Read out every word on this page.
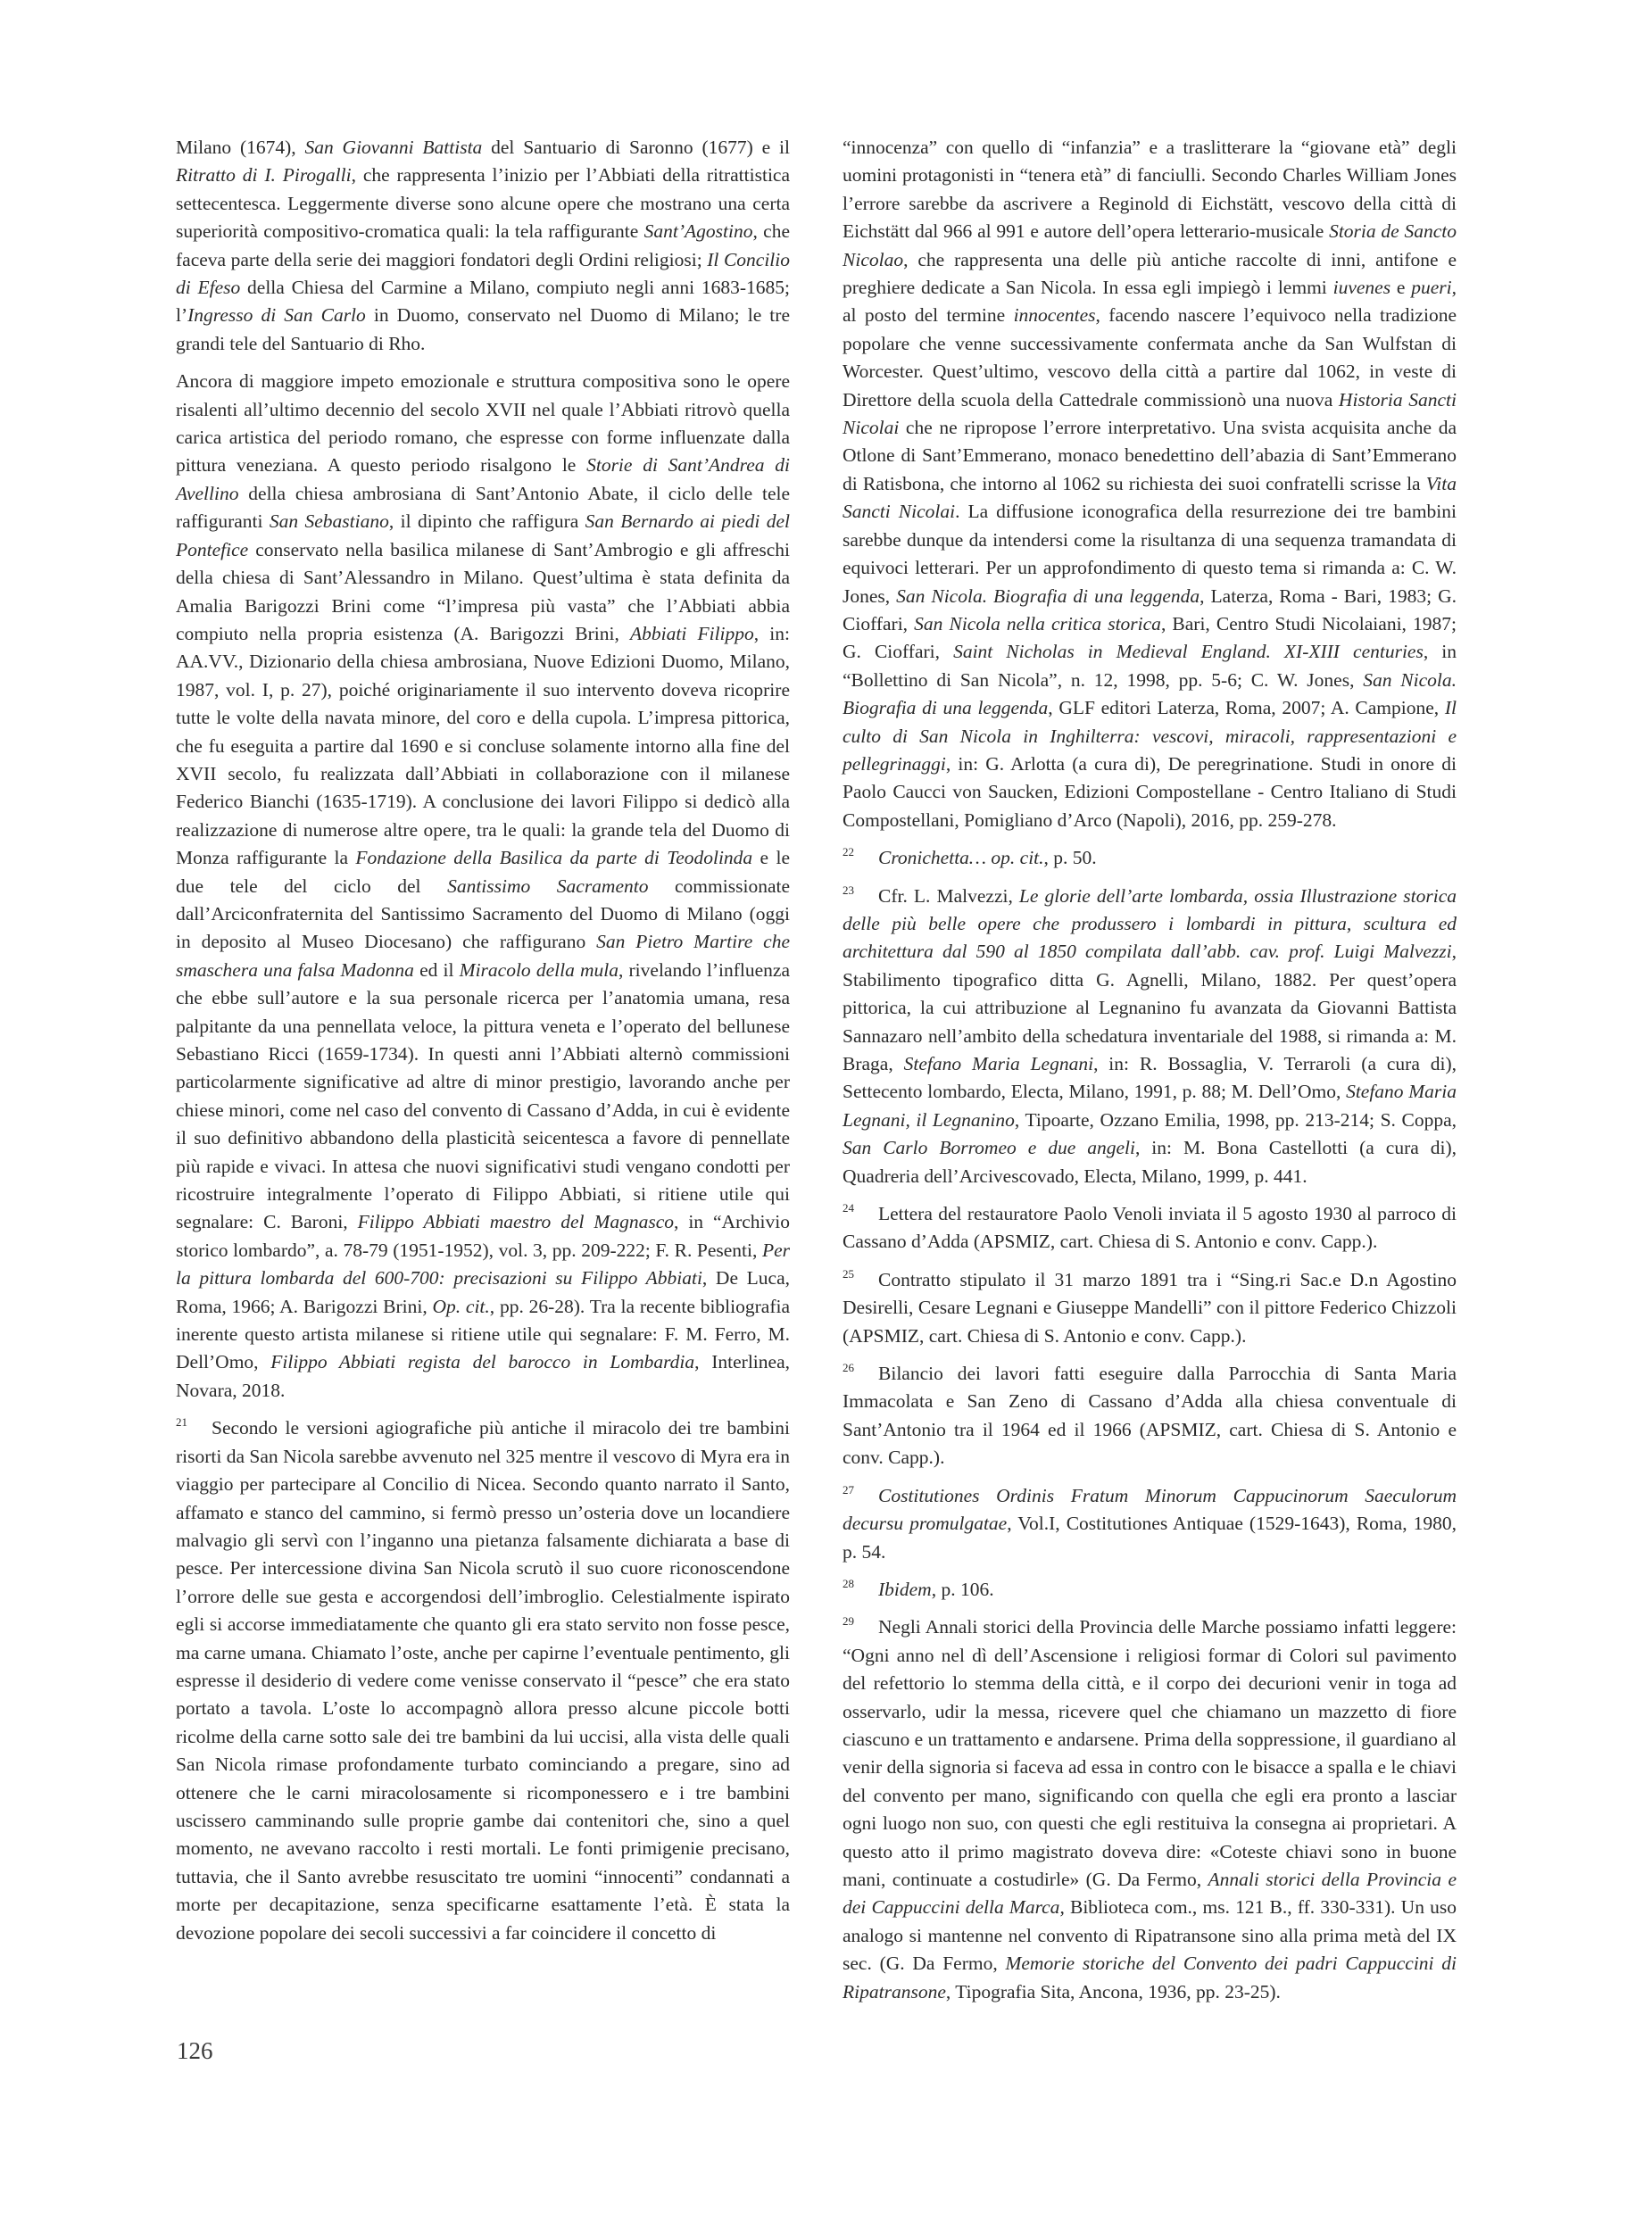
Milano (1674), San Giovanni Battista del Santuario di Saronno (1677) e il Ritratto di I. Pirogalli, che rappresenta l’inizio per l’Abbiati della ritrattistica settecentesca. Leggermente diverse sono alcune opere che mostrano una certa superiorità compositivo-cromatica quali: la tela raffigurante Sant’Agostino, che faceva parte della serie dei maggiori fondatori degli Ordini religiosi; Il Concilio di Efeso della Chiesa del Carmine a Milano, compiuto negli anni 1683-1685; l’Ingresso di San Carlo in Duomo, conservato nel Duomo di Milano; le tre grandi tele del Santuario di Rho.

Ancora di maggiore impeto emozionale e struttura compositiva sono le opere risalenti all’ultimo decennio del secolo XVII nel quale l’Abbiati ritrovò quella carica artistica del periodo romano, che espresse con forme influenzate dalla pittura veneziana. A questo periodo risalgono le Storie di Sant’Andrea di Avellino della chiesa ambrosiana di Sant’Antonio Abate, il ciclo delle tele raffiguranti San Sebastiano, il dipinto che raffigura San Bernardo ai piedi del Pontefice conservato nella basilica milanese di Sant’Ambrogio e gli affreschi della chiesa di Sant’Alessandro in Milano. Quest’ultima è stata definita da Amalia Barigozzi Brini come “l’impresa più vasta” che l’Abbiati abbia compiuto nella propria esistenza (A. Barigozzi Brini, Abbiati Filippo, in: AA.VV., Dizionario della chiesa ambrosiana, Nuove Edizioni Duomo, Milano, 1987, vol. I, p. 27), poiché originariamente il suo intervento doveva ricoprire tutte le volte della navata minore, del coro e della cupola. L’impresa pittorica, che fu eseguita a partire dal 1690 e si concluse solamente intorno alla fine del XVII secolo, fu realizzata dall’Abbiati in collaborazione con il milanese Federico Bianchi (1635-1719). A conclusione dei lavori Filippo si dedicò alla realizzazione di numerose altre opere, tra le quali: la grande tela del Duomo di Monza raffigurante la Fondazione della Basilica da parte di Teodolinda e le due tele del ciclo del Santissimo Sacramento commissionate dall’Arciconfraternita del Santissimo Sacramento del Duomo di Milano (oggi in deposito al Museo Diocesano) che raffigurano San Pietro Martire che smaschera una falsa Madonna ed il Miracolo della mula, rivelando l’influenza che ebbe sull’autore e la sua personale ricerca per l’anatomia umana, resa palpitante da una pennellata veloce, la pittura veneta e l’operato del bellunese Sebastiano Ricci (1659-1734). In questi anni l’Abbiati alternò commissioni particolarmente significative ad altre di minor prestigio, lavorando anche per chiese minori, come nel caso del convento di Cassano d’Adda, in cui è evidente il suo definitivo abbandono della plasticità seicentesca a favore di pennellate più rapide e vivaci. In attesa che nuovi significativi studi vengano condotti per ricostruire integralmente l’operato di Filippo Abbiati, si ritiene utile qui segnalare: C. Baroni, Filippo Abbiati maestro del Magnasco, in “Archivio storico lombardo”, a. 78-79 (1951-1952), vol. 3, pp. 209-222; F. R. Pesenti, Per la pittura lombarda del 600-700: precisazioni su Filippo Abbiati, De Luca, Roma, 1966; A. Barigozzi Brini, Op. cit., pp. 26-28). Tra la recente bibliografia inerente questo artista milanese si ritiene utile qui segnalare: F. M. Ferro, M. Dell’Omo, Filippo Abbiati regista del barocco in Lombardia, Interlinea, Novara, 2018.

21 Secondo le versioni agiografiche più antiche il miracolo dei tre bambini risorti da San Nicola sarebbe avvenuto nel 325 mentre il vescovo di Myra era in viaggio per partecipare al Concilio di Nicea. Secondo quanto narrato il Santo, affamato e stanco del cammino, si fermò presso un’osteria dove un locandiere malvagio gli servì con l’inganno una pietanza falsamente dichiarata a base di pesce. Per intercessione divina San Nicola scrutò il suo cuore riconoscendone l’orrore delle sue gesta e accorgendosi dell’imbroglio. Celestialmente ispirato egli si accorse immediatamente che quanto gli era stato servito non fosse pesce, ma carne umana. Chiamato l’oste, anche per capirne l’eventuale pentimento, gli espresse il desiderio di vedere come venisse conservato il “pesce” che era stato portato a tavola. L’oste lo accompagnò allora presso alcune piccole botti ricolme della carne sotto sale dei tre bambini da lui uccisi, alla vista delle quali San Nicola rimase profondamente turbato cominciando a pregare, sino ad ottenere che le carni miracolosamente si ricomponessero e i tre bambini uscissero camminando sulle proprie gambe dai contenitori che, sino a quel momento, ne avevano raccolto i resti mortali. Le fonti primigenie precisano, tuttavia, che il Santo avrebbe resuscitato tre uomini “innocenti” condannati a morte per decapitazione, senza specificarne esattamente l’età. È stata la devozione popolare dei secoli successivi a far coincidere il concetto di

“innocenza” con quello di “infanzia” e a traslitterare la “giovane età” degli uomini protagonisti in “tenera età” di fanciulli. Secondo Charles William Jones l’errore sarebbe da ascrivere a Reginold di Eichstätt, vescovo della città di Eichstätt dal 966 al 991 e autore dell’opera letterario-musicale Storia de Sancto Nicolao, che rappresenta una delle più antiche raccolte di inni, antifone e preghiere dedicate a San Nicola. In essa egli impiegò i lemmi iuvenes e pueri, al posto del termine innocentes, facendo nascere l’equivoco nella tradizione popolare che venne successivamente confermata anche da San Wulfstan di Worcester. Quest’ultimo, vescovo della città a partire dal 1062, in veste di Direttore della scuola della Cattedrale commissionò una nuova Historia Sancti Nicolai che ne ripropose l’errore interpretativo. Una svista acquisita anche da Otlone di Sant’Emmerano, monaco benedettino dell’abazia di Sant’Emmerano di Ratisbona, che intorno al 1062 su richiesta dei suoi confratelli scrisse la Vita Sancti Nicolai. La diffusione iconografica della resurrezione dei tre bambini sarebbe dunque da intendersi come la risultanza di una sequenza tramandata di equivoci letterari. Per un approfondimento di questo tema si rimanda a: C. W. Jones, San Nicola. Biografia di una leggenda, Laterza, Roma - Bari, 1983; G. Cioffari, San Nicola nella critica storica, Bari, Centro Studi Nicolaiani, 1987; G. Cioffari, Saint Nicholas in Medieval England. XI-XIII centuries, in “Bollettino di San Nicola”, n. 12, 1998, pp. 5-6; C. W. Jones, San Nicola. Biografia di una leggenda, GLF editori Laterza, Roma, 2007; A. Campione, Il culto di San Nicola in Inghilterra: vescovi, miracoli, rappresentazioni e pellegrinaggi, in: G. Arlotta (a cura di), De peregrinatione. Studi in onore di Paolo Caucci von Saucken, Edizioni Compostellane - Centro Italiano di Studi Compostellani, Pomigliano d’Arco (Napoli), 2016, pp. 259-278.

22 Cronichetta… op. cit., p. 50.

23 Cfr. L. Malvezzi, Le glorie dell’arte lombarda, ossia Illustrazione storica delle più belle opere che produssero i lombardi in pittura, scultura ed architettura dal 590 al 1850 compilata dall’abb. cav. prof. Luigi Malvezzi, Stabilimento tipografico ditta G. Agnelli, Milano, 1882. Per quest’opera pittorica, la cui attribuzione al Legnanino fu avanzata da Giovanni Battista Sannazaro nell’ambito della schedatura inventariale del 1988, si rimanda a: M. Braga, Stefano Maria Legnani, in: R. Bossaglia, V. Terraroli (a cura di), Settecento lombardo, Electa, Milano, 1991, p. 88; M. Dell’Omo, Stefano Maria Legnani, il Legnanino, Tipoarte, Ozzano Emilia, 1998, pp. 213-214; S. Coppa, San Carlo Borromeo e due angeli, in: M. Bona Castellotti (a cura di), Quadreria dell’Arcivescovado, Electa, Milano, 1999, p. 441.

24 Lettera del restauratore Paolo Venoli inviata il 5 agosto 1930 al parroco di Cassano d’Adda (APSMIZ, cart. Chiesa di S. Antonio e conv. Capp.).

25 Contratto stipulato il 31 marzo 1891 tra i “Sing.ri Sac.e D.n Agostino Desirelli, Cesare Legnani e Giuseppe Mandelli” con il pittore Federico Chizzoli (APSMIZ, cart. Chiesa di S. Antonio e conv. Capp.).

26 Bilancio dei lavori fatti eseguire dalla Parrocchia di Santa Maria Immacolata e San Zeno di Cassano d’Adda alla chiesa conventuale di Sant’Antonio tra il 1964 ed il 1966 (APSMIZ, cart. Chiesa di S. Antonio e conv. Capp.).

27 Costitutiones Ordinis Fratum Minorum Cappucinorum Saeculorum decursu promulgatae, Vol.I, Costitutiones Antiquae (1529-1643), Roma, 1980, p. 54.

28 Ibidem, p. 106.

29 Negli Annali storici della Provincia delle Marche possiamo infatti leggere: “Ogni anno nel dì dell’Ascensione i religiosi formar di Colori sul pavimento del refettorio lo stemma della città, e il corpo dei decurioni venir in toga ad osservarlo, udir la messa, ricevere quel che chiamano un mazzetto di fiore ciascuno e un trattamento e andarsene. Prima della soppressione, il guardiano al venir della signoria si faceva ad essa in contro con le bisacce a spalla e le chiavi del convento per mano, significando con quella che egli era pronto a lasciar ogni luogo non suo, con questi che egli restituiva la consegna ai proprietari. A questo atto il primo magistrato doveva dire: «Coteste chiavi sono in buone mani, continuate a costudirle» (G. Da Fermo, Annali storici della Provincia e dei Cappuccini della Marca, Biblioteca com., ms. 121 B., ff. 330-331). Un uso analogo si mantenne nel convento di Ripatransone sino alla prima metà del IX sec. (G. Da Fermo, Memorie storiche del Convento dei padri Cappuccini di Ripatransone, Tipografia Sita, Ancona, 1936, pp. 23-25).

126
